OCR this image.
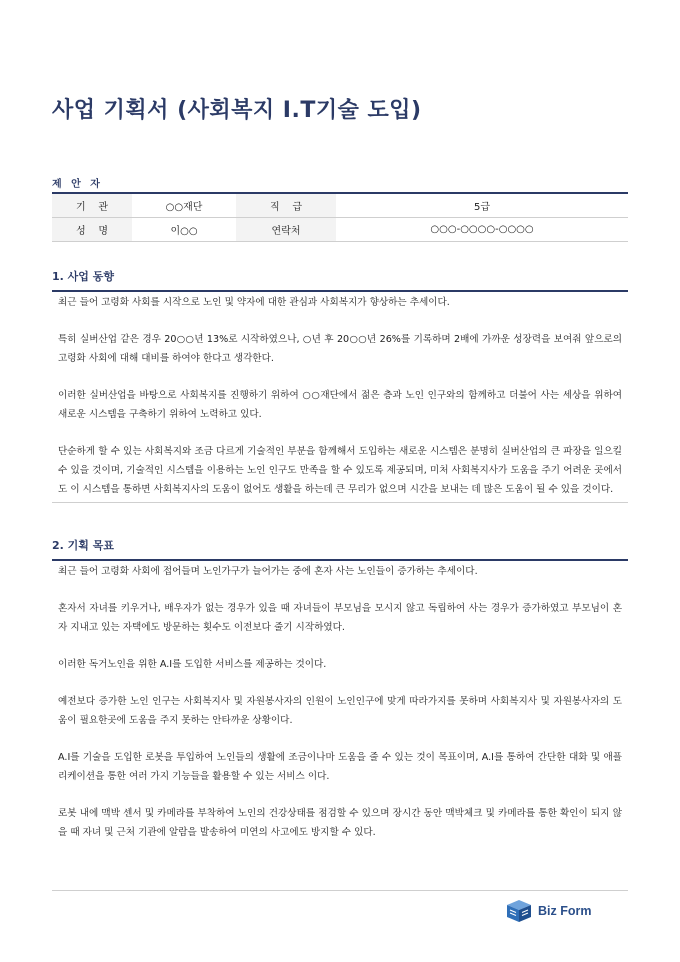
사업 기획서 (사회복지 I.T기술 도입)
제 안 자
기    관	○○재단	직    급	5급
성    명	이○○	연락처	○○○-○○○○-○○○○
1. 사업 동향

최근 들어 고령화 사회를 시작으로 노인 및 약자에 대한 관심과 사회복지가 향상하는 추세이다.

특히 실버산업 같은 경우 20○○년 13%로 시작하였으나, ○년 후 20○○년 26%를 기록하며 2배에 가까운 성장력을 보여줘 앞으로의 고령화 사회에 대해 대비를 하여야 한다고 생각한다.

이러한 실버산업을 바탕으로 사회복지를 진행하기 위하여 ○○재단에서 젊은 층과 노인 인구와의 함께하고 더불어 사는 세상을 위하여 새로운 시스템을 구축하기 위하여 노력하고 있다.

단순하게 할 수 있는 사회복지와 조금 다르게 기술적인 부분을 함께해서 도입하는 새로운 시스템은 분명히 실버산업의 큰 파장을 일으킬 수 있을 것이며, 기술적인 시스템을 이용하는 노인 인구도 만족을 할 수 있도록 제공되며, 미처 사회복지사가 도움을 주기 어려운 곳에서도 이 시스템을 통하면 사회복지사의 도움이 없어도 생활을 하는데 큰 무리가 없으며 시간을 보내는 데 많은 도움이 될 수 있을 것이다.

2. 기획 목표

최근 들어 고령화 사회에 접어들며 노인가구가 늘어가는 중에 혼자 사는 노인들이 증가하는 추세이다.

혼자서 자녀를 키우거나, 배우자가 없는 경우가 있을 때 자녀들이 부모님을 모시지 않고 독립하여 사는 경우가 증가하였고 부모님이 혼자 지내고 있는 자택에도 방문하는 횟수도 이전보다 줄기 시작하였다.

이러한 독거노인을 위한 A.I를 도입한 서비스를 제공하는 것이다.

예전보다 증가한 노인 인구는 사회복지사 및 자원봉사자의 인원이 노인인구에 맞게 따라가지를 못하며 사회복지사 및 자원봉사자의 도움이 필요한곳에 도움을 주지 못하는 안타까운 상황이다.

A.I를 기술을 도입한 로봇을 투입하여 노인들의 생활에 조금이나마 도움을 줄 수 있는 것이 목표이며, A.I를 통하여 간단한 대화 및 애플리케이션을 통한 여러 가지 기능들을 활용할 수 있는 서비스 이다.

로봇 내에 맥박 센서 및 카메라를 부착하여 노인의 건강상태를 점검할 수 있으며 장시간 동안 맥박체크 및 카메라를 통한 확인이 되지 않을 때 자녀 및 근처 기관에 알람을 발송하여 미연의 사고에도 방지할 수 있다.

Biz Form
